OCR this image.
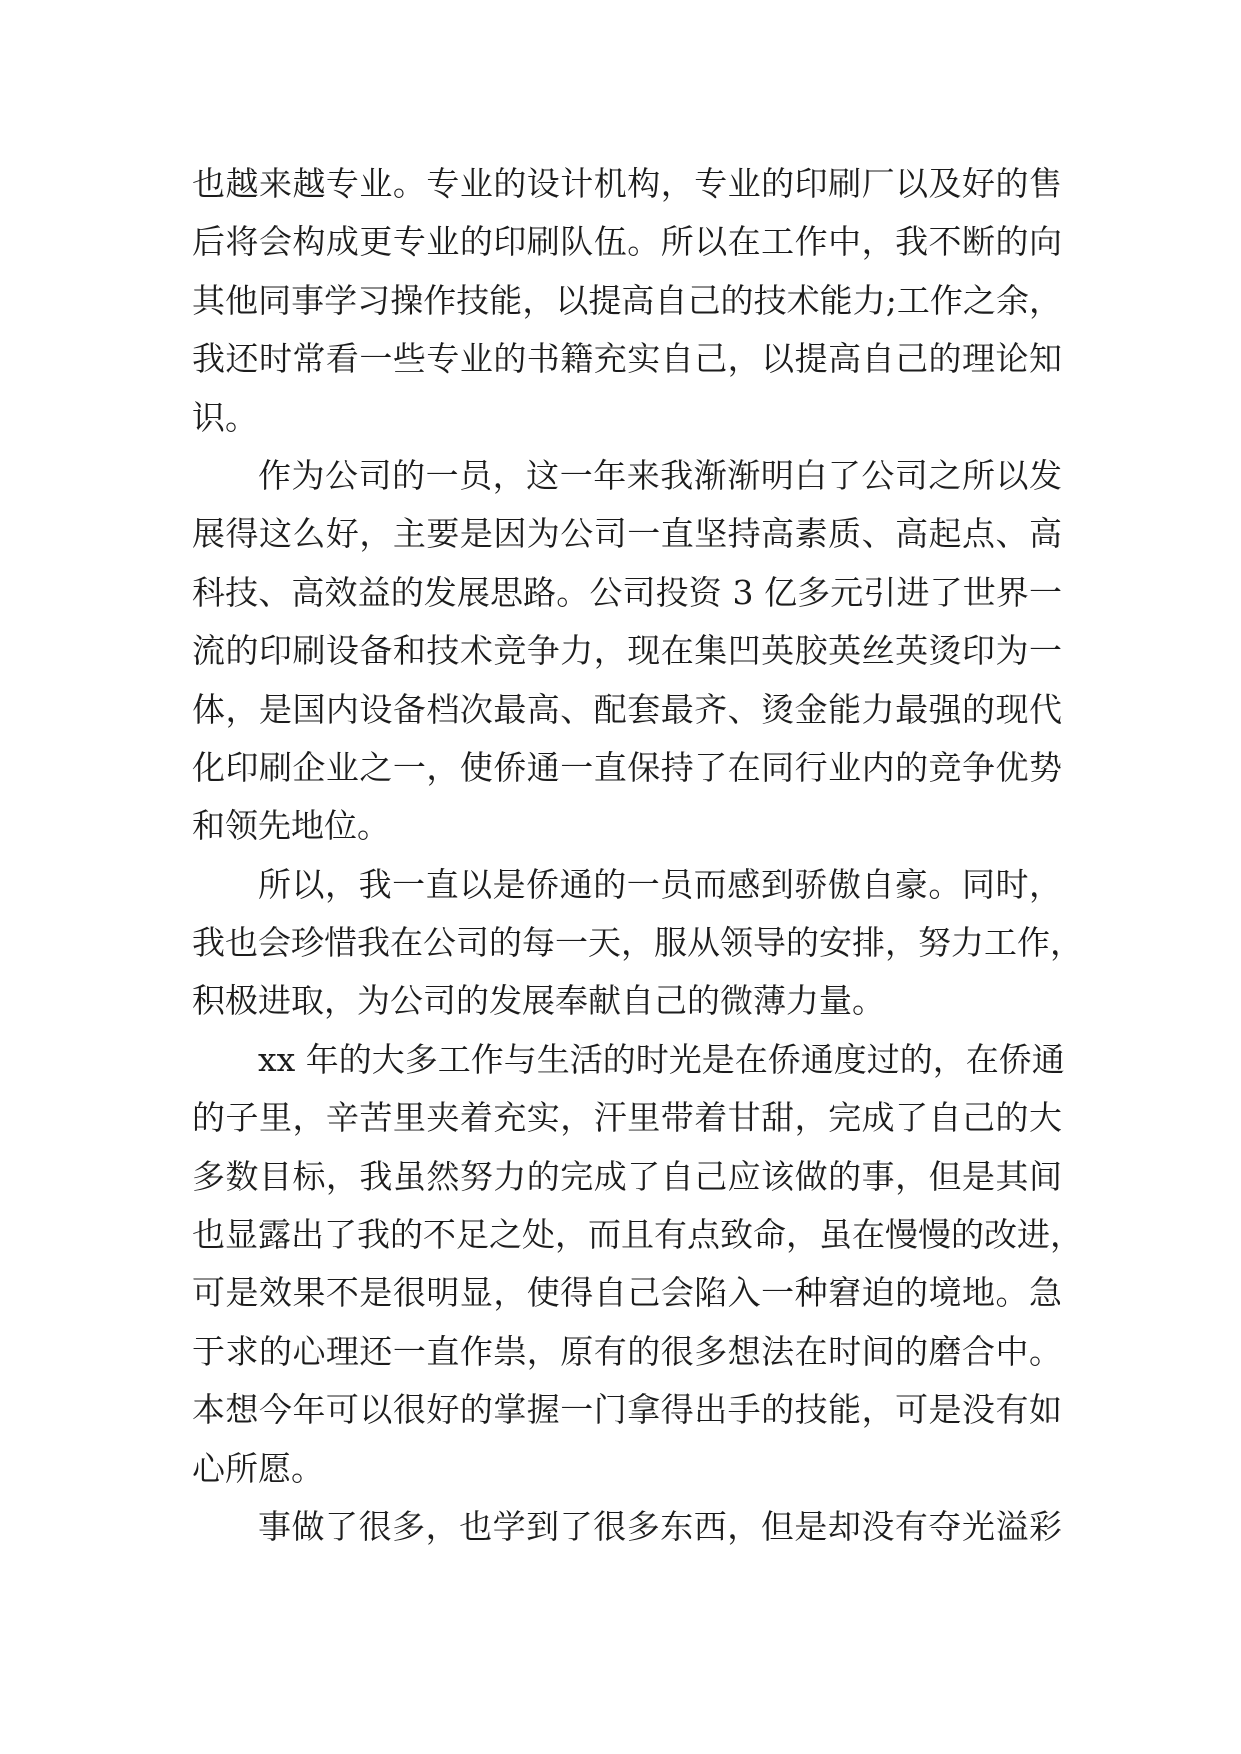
也越来越专业。专业的设计机构，专业的印刷厂以及好的售
后将会构成更专业的印刷队伍。所以在工作中，我不断的向
其他同事学习操作技能，以提高自己的技术能力;工作之余，
我还时常看一些专业的书籍充实自己，以提高自己的理论知
识。
作为公司的一员，这一年来我渐渐明白了公司之所以发
展得这么好，主要是因为公司一直坚持高素质、高起点、高
科技、高效益的发展思路。公司投资 3 亿多元引进了世界一
流的印刷设备和技术竞争力，现在集凹英胶英丝英烫印为一
体，是国内设备档次最高、配套最齐、烫金能力最强的现代
化印刷企业之一，使侨通一直保持了在同行业内的竞争优势
和领先地位。
所以，我一直以是侨通的一员而感到骄傲自豪。同时，
我也会珍惜我在公司的每一天，服从领导的安排，努力工作，
积极进取，为公司的发展奉献自己的微薄力量。
xx 年的大多工作与生活的时光是在侨通度过的，在侨通
的子里，辛苦里夹着充实，汗里带着甘甜，完成了自己的大
多数目标，我虽然努力的完成了自己应该做的事，但是其间
也显露出了我的不足之处，而且有点致命，虽在慢慢的改进，
可是效果不是很明显，使得自己会陷入一种窘迫的境地。急
于求的心理还一直作祟，原有的很多想法在时间的磨合中。
本想今年可以很好的掌握一门拿得出手的技能，可是没有如
心所愿。
事做了很多，也学到了很多东西，但是却没有夺光溢彩
